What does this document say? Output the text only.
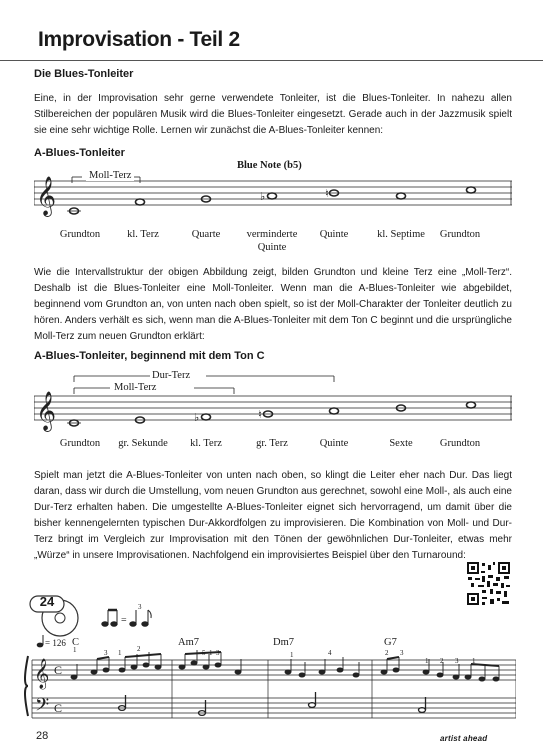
Improvisation - Teil 2
Die Blues-Tonleiter
Eine, in der Improvisation sehr gerne verwendete Tonleiter, ist die Blues-Tonleiter. In nahezu allen Stilbereichen der populären Musik wird die Blues-Tonleiter eingesetzt. Gerade auch in der Jazzmusik spielt sie eine sehr wichtige Rolle. Lernen wir zunächst die A-Blues-Tonleiter kennen:
A-Blues-Tonleiter
𝄞	♭	♮
Blue Note (b5)
Moll-Terz
Grundton	kl. Terz	Quarte	verminderte Quinte
Quinte	kl. Septime	Grundton
Wie die Intervallstruktur der obigen Abbildung zeigt, bilden Grundton und kleine Terz eine „Moll-Terz“. Deshalb ist die Blues-Tonleiter eine Moll-Tonleiter. Wenn man die A-Blues-Tonleiter wie abgebildet, beginnend vom Grundton an, von unten nach oben spielt, so ist der Moll-Charakter der Tonleiter deutlich zu hören. Anders verhält es sich, wenn man die A-Blues-Tonleiter mit dem Ton C beginnt und die ursprüngliche Moll-Terz zum neuen Grundton erklärt:
A-Blues-Tonleiter, beginnend mit dem Ton C
𝄞	♭	♮
Dur-Terz
Moll-Terz
Grundton	gr. Sekunde	kl. Terz	gr. Terz	Quinte	Sexte	Grundton
Spielt man jetzt die A-Blues-Tonleiter von unten nach oben, so klingt die Leiter eher nach Dur. Das liegt daran, dass wir durch die Umstellung, vom neuen Grundton aus gerechnet, sowohl eine Moll-, als auch eine Dur-Terz erhalten haben. Die umgestellte A-Blues-Tonleiter eignet sich hervorragend, um damit über die bisher kennengelernten typischen Dur-Akkordfolgen zu improvisieren. Die Kombination von Moll- und Dur-Terz bringt im Vergleich zur Improvisation mit den Tönen der gewöhnlichen Dur-Tonleiter, etwas mehr „Würze“ in unsere Improvisationen. Nachfolgend ein improvisiertes Beispiel über den Turnaround:
24
=
3
= 126 C	Am7	Dm7	G7
𝄞
𝄢
C
C
1	3 1 2	5 1 3	1	4	2 3
1 2 3 1
28	artist ahead
